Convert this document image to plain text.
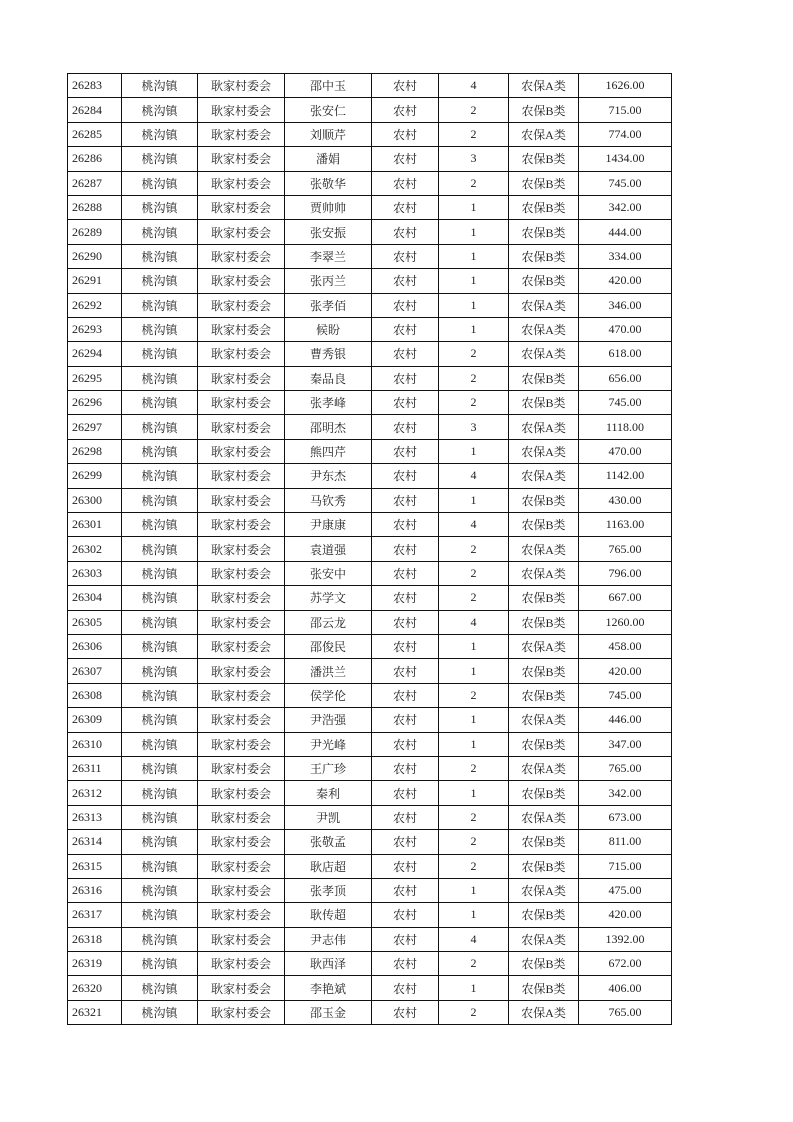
26283	桃沟镇	耿家村委会	邵中玉	农村	4	农保A类	1626.00
26284	桃沟镇	耿家村委会	张安仁	农村	2	农保B类	715.00
26285	桃沟镇	耿家村委会	刘顺芹	农村	2	农保A类	774.00
26286	桃沟镇	耿家村委会	潘娟	农村	3	农保B类	1434.00
26287	桃沟镇	耿家村委会	张敬华	农村	2	农保B类	745.00
26288	桃沟镇	耿家村委会	贾帅帅	农村	1	农保B类	342.00
26289	桃沟镇	耿家村委会	张安振	农村	1	农保B类	444.00
26290	桃沟镇	耿家村委会	李翠兰	农村	1	农保B类	334.00
26291	桃沟镇	耿家村委会	张丙兰	农村	1	农保B类	420.00
26292	桃沟镇	耿家村委会	张孝佰	农村	1	农保A类	346.00
26293	桃沟镇	耿家村委会	候盼	农村	1	农保A类	470.00
26294	桃沟镇	耿家村委会	曹秀银	农村	2	农保A类	618.00
26295	桃沟镇	耿家村委会	秦品良	农村	2	农保B类	656.00
26296	桃沟镇	耿家村委会	张孝峰	农村	2	农保B类	745.00
26297	桃沟镇	耿家村委会	邵明杰	农村	3	农保A类	1118.00
26298	桃沟镇	耿家村委会	熊四芹	农村	1	农保A类	470.00
26299	桃沟镇	耿家村委会	尹东杰	农村	4	农保A类	1142.00
26300	桃沟镇	耿家村委会	马钦秀	农村	1	农保B类	430.00
26301	桃沟镇	耿家村委会	尹康康	农村	4	农保B类	1163.00
26302	桃沟镇	耿家村委会	袁道强	农村	2	农保A类	765.00
26303	桃沟镇	耿家村委会	张安中	农村	2	农保A类	796.00
26304	桃沟镇	耿家村委会	苏学文	农村	2	农保B类	667.00
26305	桃沟镇	耿家村委会	邵云龙	农村	4	农保B类	1260.00
26306	桃沟镇	耿家村委会	邵俊民	农村	1	农保A类	458.00
26307	桃沟镇	耿家村委会	潘洪兰	农村	1	农保B类	420.00
26308	桃沟镇	耿家村委会	侯学伦	农村	2	农保B类	745.00
26309	桃沟镇	耿家村委会	尹浩强	农村	1	农保A类	446.00
26310	桃沟镇	耿家村委会	尹光峰	农村	1	农保B类	347.00
26311	桃沟镇	耿家村委会	王广珍	农村	2	农保A类	765.00
26312	桃沟镇	耿家村委会	秦利	农村	1	农保B类	342.00
26313	桃沟镇	耿家村委会	尹凯	农村	2	农保A类	673.00
26314	桃沟镇	耿家村委会	张敬孟	农村	2	农保B类	811.00
26315	桃沟镇	耿家村委会	耿店超	农村	2	农保B类	715.00
26316	桃沟镇	耿家村委会	张孝顶	农村	1	农保A类	475.00
26317	桃沟镇	耿家村委会	耿传超	农村	1	农保B类	420.00
26318	桃沟镇	耿家村委会	尹志伟	农村	4	农保A类	1392.00
26319	桃沟镇	耿家村委会	耿西泽	农村	2	农保B类	672.00
26320	桃沟镇	耿家村委会	李艳斌	农村	1	农保B类	406.00
26321	桃沟镇	耿家村委会	邵玉金	农村	2	农保A类	765.00
